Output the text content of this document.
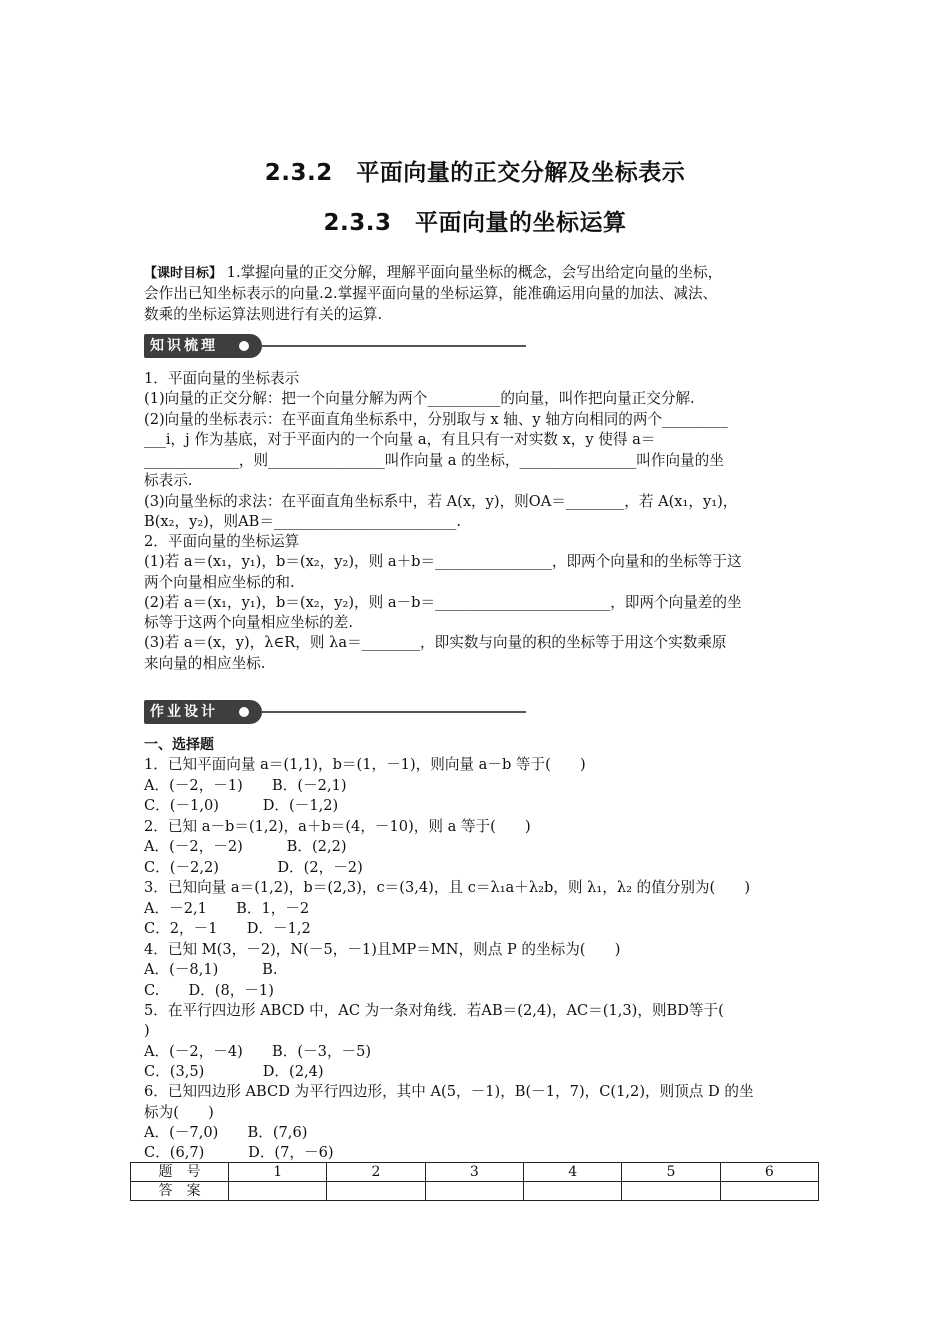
2.3.2　平面向量的正交分解及坐标表示
2.3.3　平面向量的坐标运算
【课时目标】 1.掌握向量的正交分解，理解平面向量坐标的概念，会写出给定向量的坐标，
会作出已知坐标表示的向量.2.掌握平面向量的坐标运算，能准确运用向量的加法、减法、
数乘的坐标运算法则进行有关的运算.
知识梳理
1．平面向量的坐标表示
(1)向量的正交分解：把一个向量分解为两个__________的向量，叫作把向量正交分解.
(2)向量的坐标表示：在平面直角坐标系中，分别取与 x 轴、y 轴方向相同的两个_________
___i，j 作为基底，对于平面内的一个向量 a，有且只有一对实数 x，y 使得 a＝
_____________，则________________叫作向量 a 的坐标，________________叫作向量的坐
标表示.
(3)向量坐标的求法：在平面直角坐标系中，若 A(x，y)，则OA＝________，若 A(x₁，y₁)，
B(x₂，y₂)，则AB＝_________________________.
2．平面向量的坐标运算
(1)若 a＝(x₁，y₁)，b＝(x₂，y₂)，则 a＋b＝________________，即两个向量和的坐标等于这
两个向量相应坐标的和.
(2)若 a＝(x₁，y₁)，b＝(x₂，y₂)，则 a－b＝________________________，即两个向量差的坐
标等于这两个向量相应坐标的差.
(3)若 a＝(x，y)，λ∈R，则 λa＝________，即实数与向量的积的坐标等于用这个实数乘原
来向量的相应坐标.
作业设计
一、选择题
1．已知平面向量 a＝(1,1)，b＝(1，－1)，则向量 a－b 等于(　　)
A．(－2，－1)　　B．(－2,1)
C．(－1,0)　　　D．(－1,2)
2．已知 a－b＝(1,2)，a＋b＝(4，－10)，则 a 等于(　　)
A．(－2，－2)　　　B．(2,2)
C．(－2,2)　　　　D．(2，－2)
3．已知向量 a＝(1,2)，b＝(2,3)，c＝(3,4)，且 c＝λ₁a＋λ₂b，则 λ₁，λ₂ 的值分别为(　　)
A．－2,1　　B．1，－2
C．2，－1　　D．－1,2
4．已知 M(3，－2)，N(－5，－1)且MP＝MN，则点 P 的坐标为(　　)
A．(－8,1)　　　B.
C.　　D．(8，－1)
5．在平行四边形 ABCD 中，AC 为一条对角线．若AB＝(2,4)，AC＝(1,3)，则BD等于(
)
A．(－2，－4)　　B．(－3，－5)
C．(3,5)　　　　D．(2,4)
6．已知四边形 ABCD 为平行四边形，其中 A(5，－1)，B(－1，7)，C(1,2)，则顶点 D 的坐
标为(　　)
A．(－7,0)　　B．(7,6)
C．(6,7)　　　D．(7，－6)
题　号	1	2	3	4	5	6
答　案						
